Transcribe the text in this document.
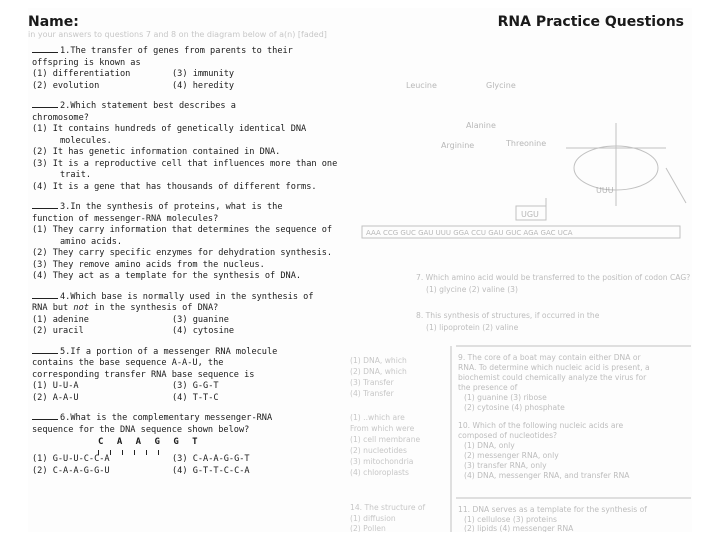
Name:	RNA Practice Questions
in your answers to questions 7 and 8 on the diagram below of a(n) [faded]
Glycine
Leucine
Alanine
Arginine	Threonine
UUU
UGU
AAA CCG GUC GAU UUU GGA CCU GAU GUC AGA GAC UCA
7. Which amino acid would be transferred to the position of codon CAG?
(1) glycine (2) valine (3)
8. This synthesis of structures, if occurred in the
(1) lipoprotein (2) valine
9. The core of a boat may contain either DNA or
RNA. To determine which nucleic acid is present, a
biochemist could chemically analyze the virus for
the presence of
(1) guanine (3) ribose
(2) cytosine (4) phosphate
10. Which of the following nucleic acids are
composed of nucleotides?
(1) DNA, only
(2) messenger RNA, only
(3) transfer RNA, only
(4) DNA, messenger RNA, and transfer RNA
11. DNA serves as a template for the synthesis of
(1) cellulose (3) proteins
(2) lipids (4) messenger RNA
(1) DNA, which
(2) DNA, which
(3) Transfer
(4) Transfer
(1) ..which are
From which were
(1) cell membrane
(2) nucleotides
(3) mitochondria
(4) chloroplasts
14. The structure of
(1) diffusion
(2) Pollen

1.The transfer of genes from parents to their

offspring is known as

(1) differentiation	(3) immunity
(2) evolution	(4) heredity

2.Which statement best describes a

chromosome?

(1) It contains hundreds of genetically identical DNA molecules.
(2) It has genetic information contained in DNA.
(3) It is a reproductive cell that influences more than one trait.
(4) It is a gene that has thousands of different forms.

3.In the synthesis of proteins, what is the

function of messenger-RNA molecules?

(1) They carry information that determines the sequence of amino acids.
(2) They carry specific enzymes for dehydration synthesis.
(3) They remove amino acids from the nucleus.
(4) They act as a template for the synthesis of DNA.

4.Which base is normally used in the synthesis of

RNA but not in the synthesis of DNA?

(1) adenine	(3) guanine
(2) uracil	(4) cytosine

5.If a portion of a messenger RNA molecule

contains the base sequence A-A-U, the

corresponding transfer RNA base sequence is

(1) U-U-A	(3) G-G-T
(2) A-A-U	(4) T-T-C

6.What is the complementary messenger-RNA

sequence for the DNA sequence shown below?

C A A G G T
(1) G-U-U-C-C-A	(3) C-A-A-G-G-T
(2) C-A-A-G-G-U	(4) G-T-T-C-C-A
